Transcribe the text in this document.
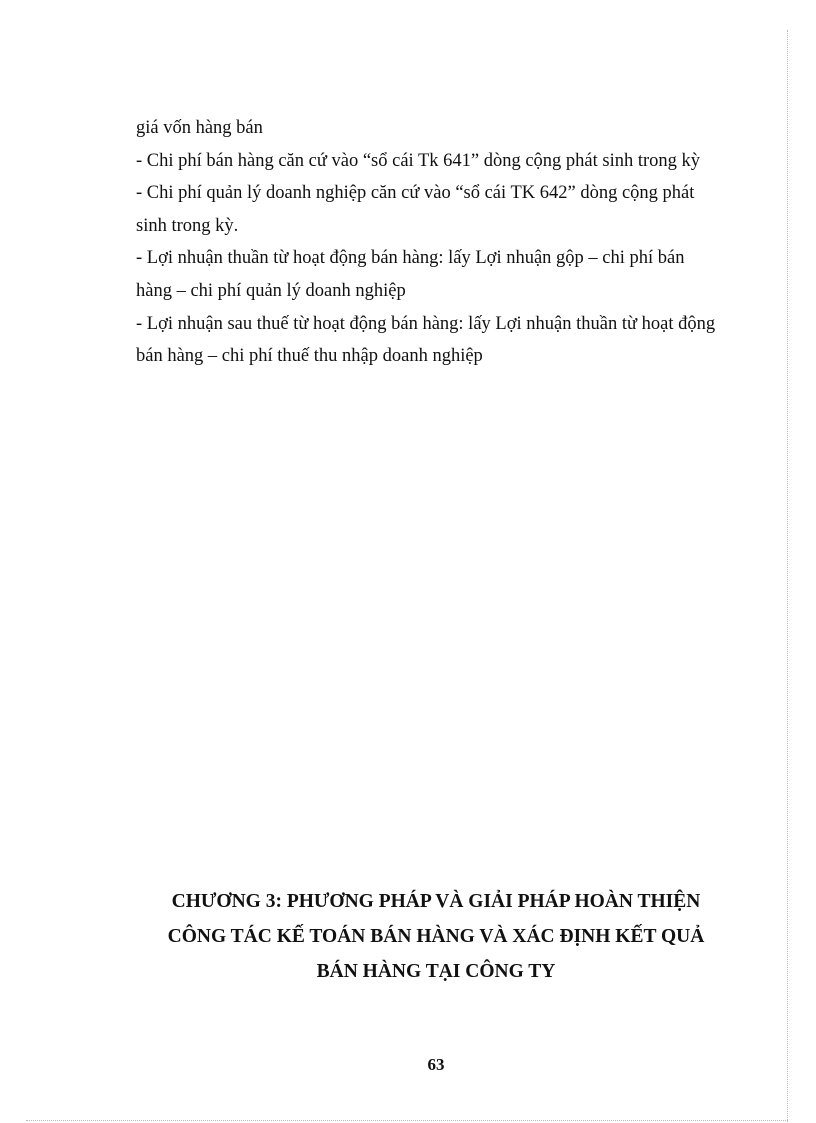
giá vốn hàng bán

- Chi phí bán hàng căn cứ vào “sổ cái Tk 641” dòng cộng phát sinh trong kỳ

- Chi phí quản lý doanh nghiệp căn cứ vào “sổ cái TK 642” dòng cộng phát

sinh trong kỳ.

- Lợi nhuận thuần từ hoạt động bán hàng: lấy Lợi nhuận gộp – chi phí bán

hàng – chi phí quản lý doanh nghiệp

- Lợi nhuận sau thuế từ hoạt động bán hàng: lấy Lợi nhuận thuần từ hoạt động

bán hàng – chi phí thuế thu nhập doanh nghiệp

CHƯƠNG 3: PHƯƠNG PHÁP VÀ GIẢI PHÁP HOÀN THIỆN
CÔNG TÁC KẾ TOÁN BÁN HÀNG VÀ XÁC ĐỊNH KẾT QUẢ
BÁN HÀNG TẠI CÔNG TY
63
